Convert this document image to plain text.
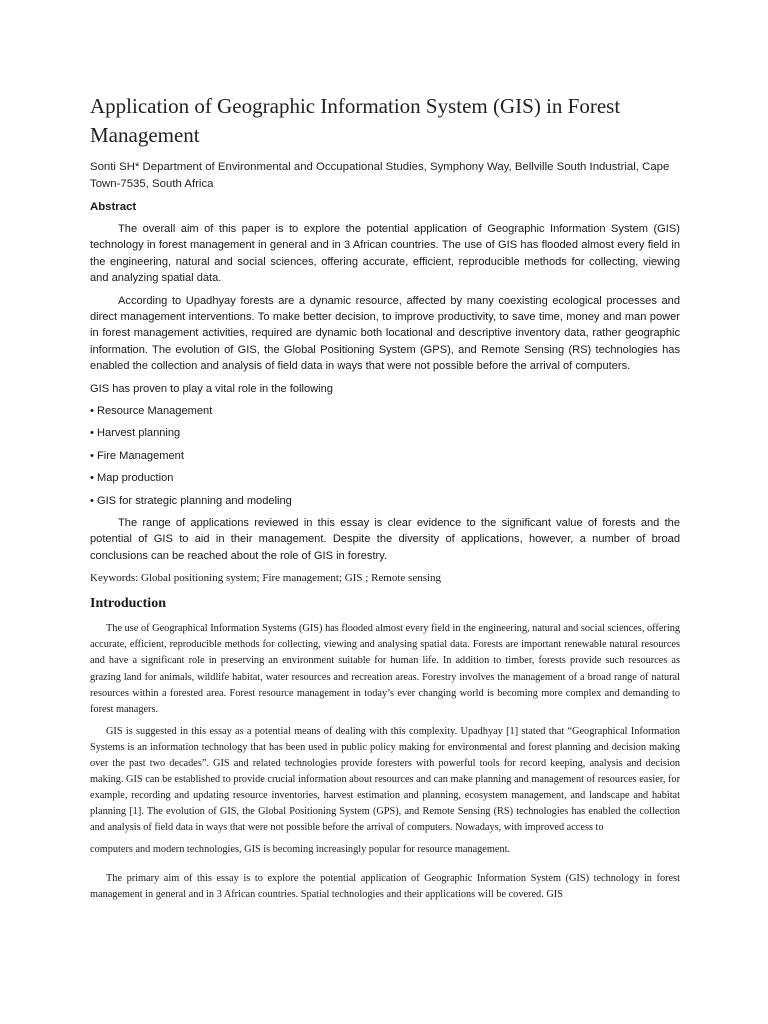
Application of Geographic Information System (GIS) in Forest Management

Sonti SH* Department of Environmental and Occupational Studies, Symphony Way, Bellville South Industrial, Cape Town-7535, South Africa

Abstract

The overall aim of this paper is to explore the potential application of Geographic Information System (GIS) technology in forest management in general and in 3 African countries. The use of GIS has flooded almost every field in the engineering, natural and social sciences, offering accurate, efficient, reproducible methods for collecting, viewing and analyzing spatial data.

According to Upadhyay forests are a dynamic resource, affected by many coexisting ecological processes and direct management interventions. To make better decision, to improve productivity, to save time, money and man power in forest management activities, required are dynamic both locational and descriptive inventory data, rather geographic information. The evolution of GIS, the Global Positioning System (GPS), and Remote Sensing (RS) technologies has enabled the collection and analysis of field data in ways that were not possible before the arrival of computers.

GIS has proven to play a vital role in the following

• Resource Management
• Harvest planning
• Fire Management
• Map production
• GIS for strategic planning and modeling

The range of applications reviewed in this essay is clear evidence to the significant value of forests and the potential of GIS to aid in their management. Despite the diversity of applications, however, a number of broad conclusions can be reached about the role of GIS in forestry.

Keywords: Global positioning system; Fire management; GIS ; Remote sensing
Introduction

The use of Geographical Information Systems (GIS) has flooded almost every field in the engineering, natural and social sciences, offering accurate, efficient, reproducible methods for collecting, viewing and analysing spatial data. Forests are important renewable natural resources and have a significant role in preserving an environment suitable for human life. In addition to timber, forests provide such resources as grazing land for animals, wildlife habitat, water resources and recreation areas. Forestry involves the management of a broad range of natural resources within a forested area. Forest resource management in today’s ever changing world is becoming more complex and demanding to forest managers.

GIS is suggested in this essay as a potential means of dealing with this complexity. Upadhyay [1] stated that “Geographical Information Systems is an information technology that has been used in public policy making for environmental and forest planning and decision making over the past two decades”. GIS and related technologies provide foresters with powerful tools for record keeping, analysis and decision making. GIS can be established to provide crucial information about resources and can make planning and management of resources easier, for example, recording and updating resource inventories, harvest estimation and planning, ecosystem management, and landscape and habitat planning [1]. The evolution of GIS, the Global Positioning System (GPS), and Remote Sensing (RS) technologies has enabled the collection and analysis of field data in ways that were not possible before the arrival of computers. Nowadays, with improved access to

computers and modern technologies, GIS is becoming increasingly popular for resource management.

The primary aim of this essay is to explore the potential application of Geographic Information System (GIS) technology in forest management in general and in 3 African countries. Spatial technologies and their applications will be covered. GIS
